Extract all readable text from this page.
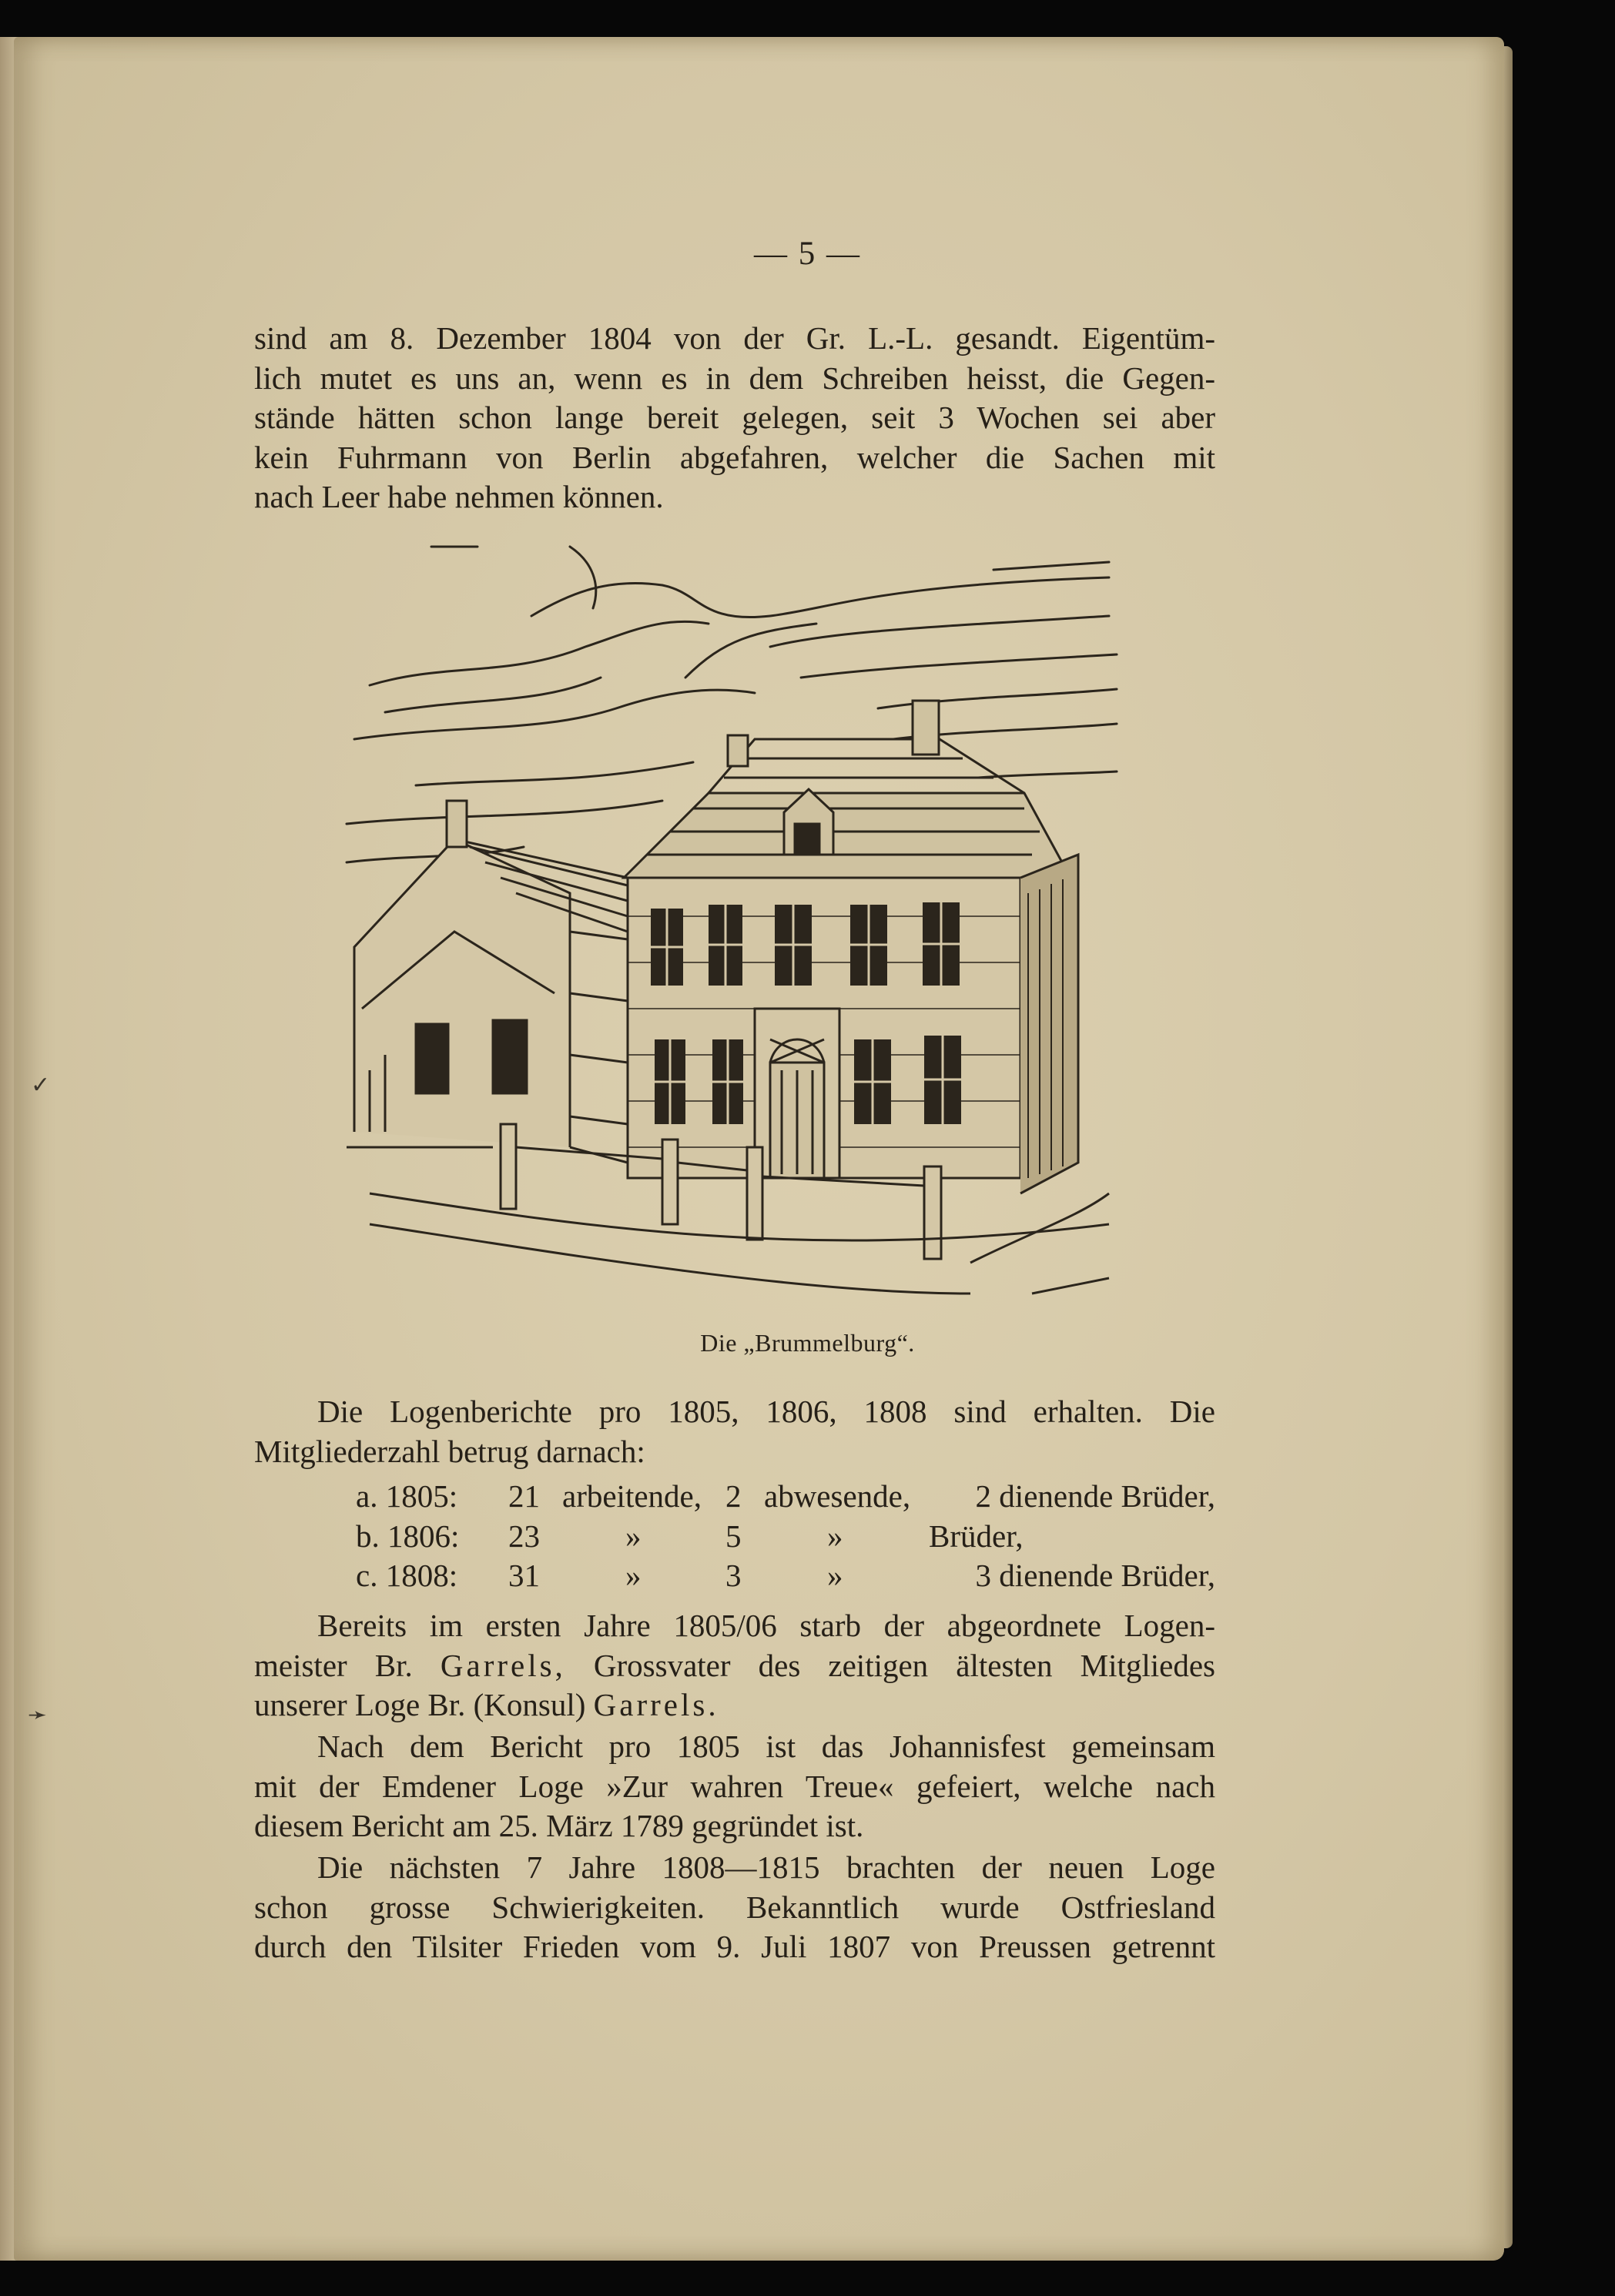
✓
➛
— 5 —

sind am 8. Dezember 1804 von der Gr. L.-L. gesandt. Eigentüm-
lich mutet es uns an, wenn es in dem Schreiben heisst, die Gegen-
stände hätten schon lange bereit gelegen, seit 3 Wochen sei aber
kein Fuhrmann von Berlin abgefahren, welcher die Sachen mit
nach Leer habe nehmen können.

Die „Brummelburg“.

Die Logenberichte pro 1805, 1806, 1808 sind erhalten. Die
Mitgliederzahl betrug darnach:

a. 1805: 21 arbeitende, 2 abwesende, 2 dienende Brüder,
b. 1806: 23	»	5	»	Brüder,
c. 1808: 31	»	3	»	3 dienende Brüder,

Bereits im ersten Jahre 1805/06 starb der abgeordnete Logen-
meister Br. Garrels, Grossvater des zeitigen ältesten Mitgliedes
unserer Loge Br. (Konsul) Garrels.

Nach dem Bericht pro 1805 ist das Johannisfest gemeinsam
mit der Emdener Loge »Zur wahren Treue« gefeiert, welche nach
diesem Bericht am 25. März 1789 gegründet ist.

Die nächsten 7 Jahre 1808—1815 brachten der neuen Loge
schon grosse Schwierigkeiten. Bekanntlich wurde Ostfriesland
durch den Tilsiter Frieden vom 9. Juli 1807 von Preussen getrennt
